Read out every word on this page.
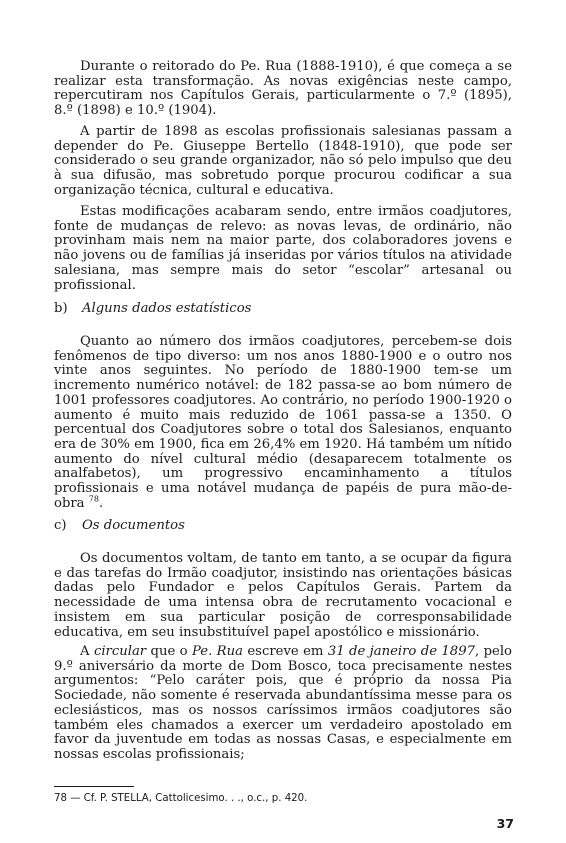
Durante o reitorado do Pe. Rua (1888-1910), é que começa a se realizar esta transformação. As novas exigências neste campo, repercutiram nos Capítulos Gerais, particularmente o 7.º (1895), 8.º (1898) e 10.º (1904).

A partir de 1898 as escolas profissionais salesianas passam a depender do Pe. Giuseppe Bertello (1848-1910), que pode ser considerado o seu grande organizador, não só pelo impulso que deu à sua difusão, mas sobretudo porque procurou codificar a sua organização técnica, cultural e educativa.

Estas modificações acabaram sendo, entre irmãos coadjutores, fonte de mudanças de relevo: as novas levas, de ordinário, não provinham mais nem na maior parte, dos colaboradores jovens e não jovens ou de famílias já inseridas por vários títulos na atividade salesiana, mas sempre mais do setor “escolar” artesanal ou profissional.

b) Alguns dados estatísticos

Quanto ao número dos irmãos coadjutores, percebem-se dois fenômenos de tipo diverso: um nos anos 1880-1900 e o outro nos vinte anos seguintes. No período de 1880-1900 tem-se um incremento numérico notável: de 182 passa-se ao bom número de 1001 professores coadjutores. Ao contrário, no período 1900-1920 o aumento é muito mais reduzido de 1061 passa-se a 1350. O percentual dos Coadjutores sobre o total dos Salesianos, enquanto era de 30% em 1900, fica em 26,4% em 1920. Há também um nítido aumento do nível cultural médio (desaparecem totalmente os analfabetos), um progressivo encaminhamento a títulos profissionais e uma notável mudança de papéis de pura mão-de-obra $^{78}$.

c) Os documentos

Os documentos voltam, de tanto em tanto, a se ocupar da figura e das tarefas do Irmão coadjutor, insistindo nas orientações básicas dadas pelo Fundador e pelos Capítulos Gerais. Partem da necessidade de uma intensa obra de recrutamento vocacional e insistem em sua particular posição de corresponsabilidade educativa, em seu insubstituível papel apostólico e missionário.

A circular que o Pe. Rua escreve em 31 de janeiro de 1897, pelo 9.º aniversário da morte de Dom Bosco, toca precisamente nestes argumentos: “Pelo caráter pois, que é próprio da nossa Pia Sociedade, não somente é reservada abundantíssima messe para os eclesiásticos, mas os nossos caríssimos irmãos coadjutores são também eles chamados a exercer um verdadeiro apostolado em favor da juventude em todas as nossas Casas, e especialmente em nossas escolas profissionais;

78 — Cf. P. STELLA, Cattolicesimo. . ., o.c., p. 420.

37
